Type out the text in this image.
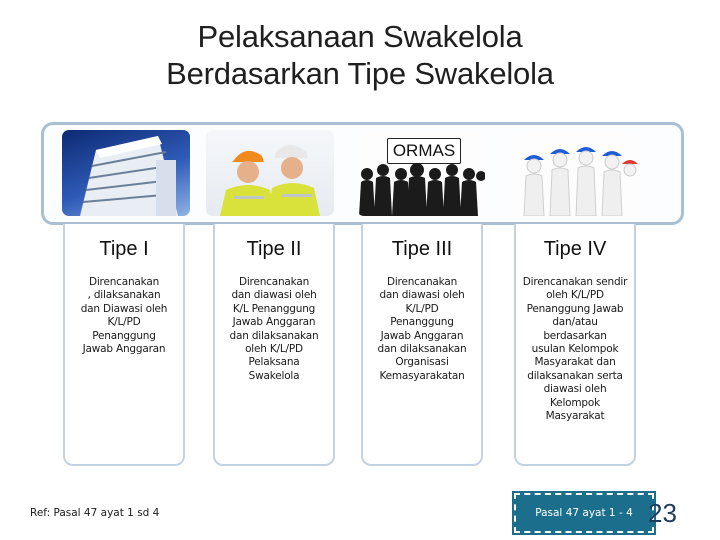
Pelaksanaan Swakelola
Berdasarkan Tipe Swakelola
ORMAS
Tipe I
Direncanakan
, dilaksanakan
dan Diawasi oleh
K/L/PD
Penanggung
Jawab Anggaran
Tipe II
Direncanakan
dan diawasi oleh
K/L Penanggung
Jawab Anggaran
dan dilaksanakan
oleh K/L/PD
Pelaksana
Swakelola
Tipe III
Direncanakan
dan diawasi oleh
K/L/PD
Penanggung
Jawab Anggaran
dan dilaksanakan
Organisasi
Kemasyarakatan
Tipe IV
Direncanakan sendir
oleh K/L/PD
Penanggung Jawab
dan/atau berdasarkan
usulan Kelompok
Masyarakat dan
dilaksanakan serta
diawasi oleh
Kelompok
Masyarakat
Ref: Pasal 47 ayat 1 sd 4	Pasal 47 ayat 1 - 4 23
